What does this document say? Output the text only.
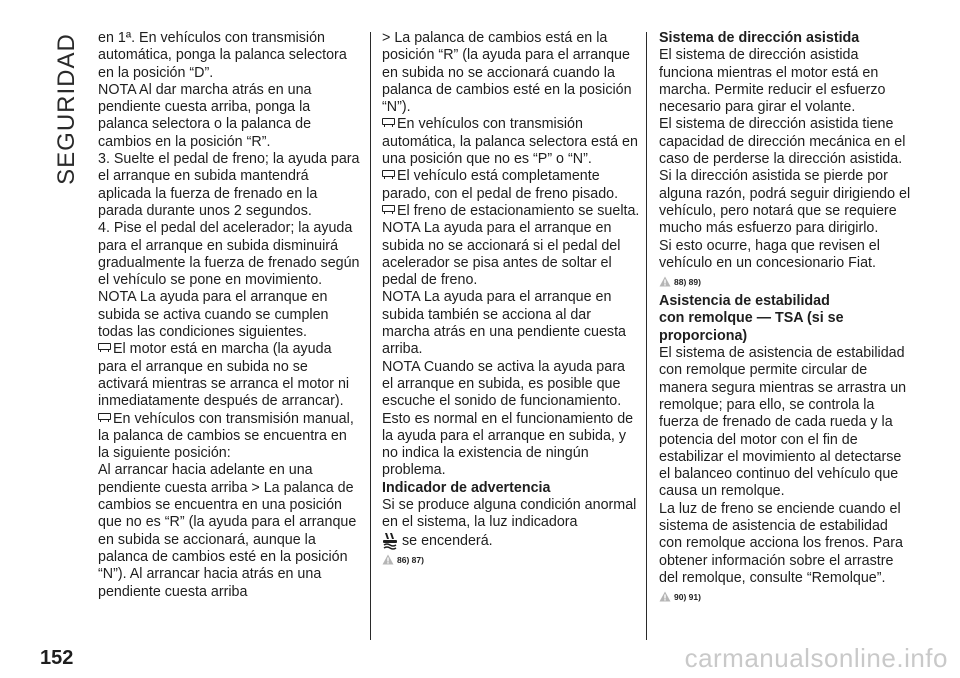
SEGURIDAD en 1ª. En vehículos con transmisión automática, ponga la palanca selectora en la posición “D”.

NOTA Al dar marcha atrás en una pendiente cuesta arriba, ponga la palanca selectora o la palanca de cambios en la posición “R”.

3. Suelte el pedal de freno; la ayuda para el arranque en subida mantendrá aplicada la fuerza de frenado en la parada durante unos 2 segundos.

4. Pise el pedal del acelerador; la ayuda para el arranque en subida disminuirá gradualmente la fuerza de frenado según el vehículo se pone en movimiento.

NOTA La ayuda para el arranque en subida se activa cuando se cumplen todas las condiciones siguientes.

El motor está en marcha (la ayuda para el arranque en subida no se activará mientras se arranca el motor ni inmediatamente después de arrancar).

En vehículos con transmisión manual, la palanca de cambios se encuentra en la siguiente posición:

Al arrancar hacia adelante en una pendiente cuesta arriba > La palanca de cambios se encuentra en una posición que no es “R” (la ayuda para el arranque en subida se accionará, aunque la palanca de cambios esté en la posición “N”). Al arrancar hacia atrás en una pendiente cuesta arriba

> La palanca de cambios está en la posición “R” (la ayuda para el arranque en subida no se accionará cuando la palanca de cambios esté en la posición “N”).

En vehículos con transmisión automática, la palanca selectora está en una posición que no es “P” o “N”.

El vehículo está completamente parado, con el pedal de freno pisado.

El freno de estacionamiento se suelta.

NOTA La ayuda para el arranque en subida no se accionará si el pedal del acelerador se pisa antes de soltar el pedal de freno.

NOTA La ayuda para el arranque en subida también se acciona al dar marcha atrás en una pendiente cuesta arriba.

NOTA Cuando se activa la ayuda para el arranque en subida, es posible que escuche el sonido de funcionamiento. Esto es normal en el funcionamiento de la ayuda para el arranque en subida, y no indica la existencia de ningún problema.

Indicador de advertencia

Si se produce alguna condición anormal en el sistema, la luz indicadora

se encenderá.

86) 87)
Sistema de dirección asistida

El sistema de dirección asistida funciona mientras el motor está en marcha. Permite reducir el esfuerzo necesario para girar el volante.

El sistema de dirección asistida tiene capacidad de dirección mecánica en el caso de perderse la dirección asistida. Si la dirección asistida se pierde por alguna razón, podrá seguir dirigiendo el vehículo, pero notará que se requiere mucho más esfuerzo para dirigirlo.

Si esto ocurre, haga que revisen el vehículo en un concesionario Fiat.

88) 89)
Asistencia de estabilidad
con remolque — TSA (si se
proporciona)

El sistema de asistencia de estabilidad con remolque permite circular de manera segura mientras se arrastra un remolque; para ello, se controla la fuerza de frenado de cada rueda y la potencia del motor con el fin de estabilizar el movimiento al detectarse el balanceo continuo del vehículo que causa un remolque.

La luz de freno se enciende cuando el sistema de asistencia de estabilidad con remolque acciona los frenos. Para obtener información sobre el arrastre del remolque, consulte “Remolque”.

90) 91)
152	carmanualsonline.info
